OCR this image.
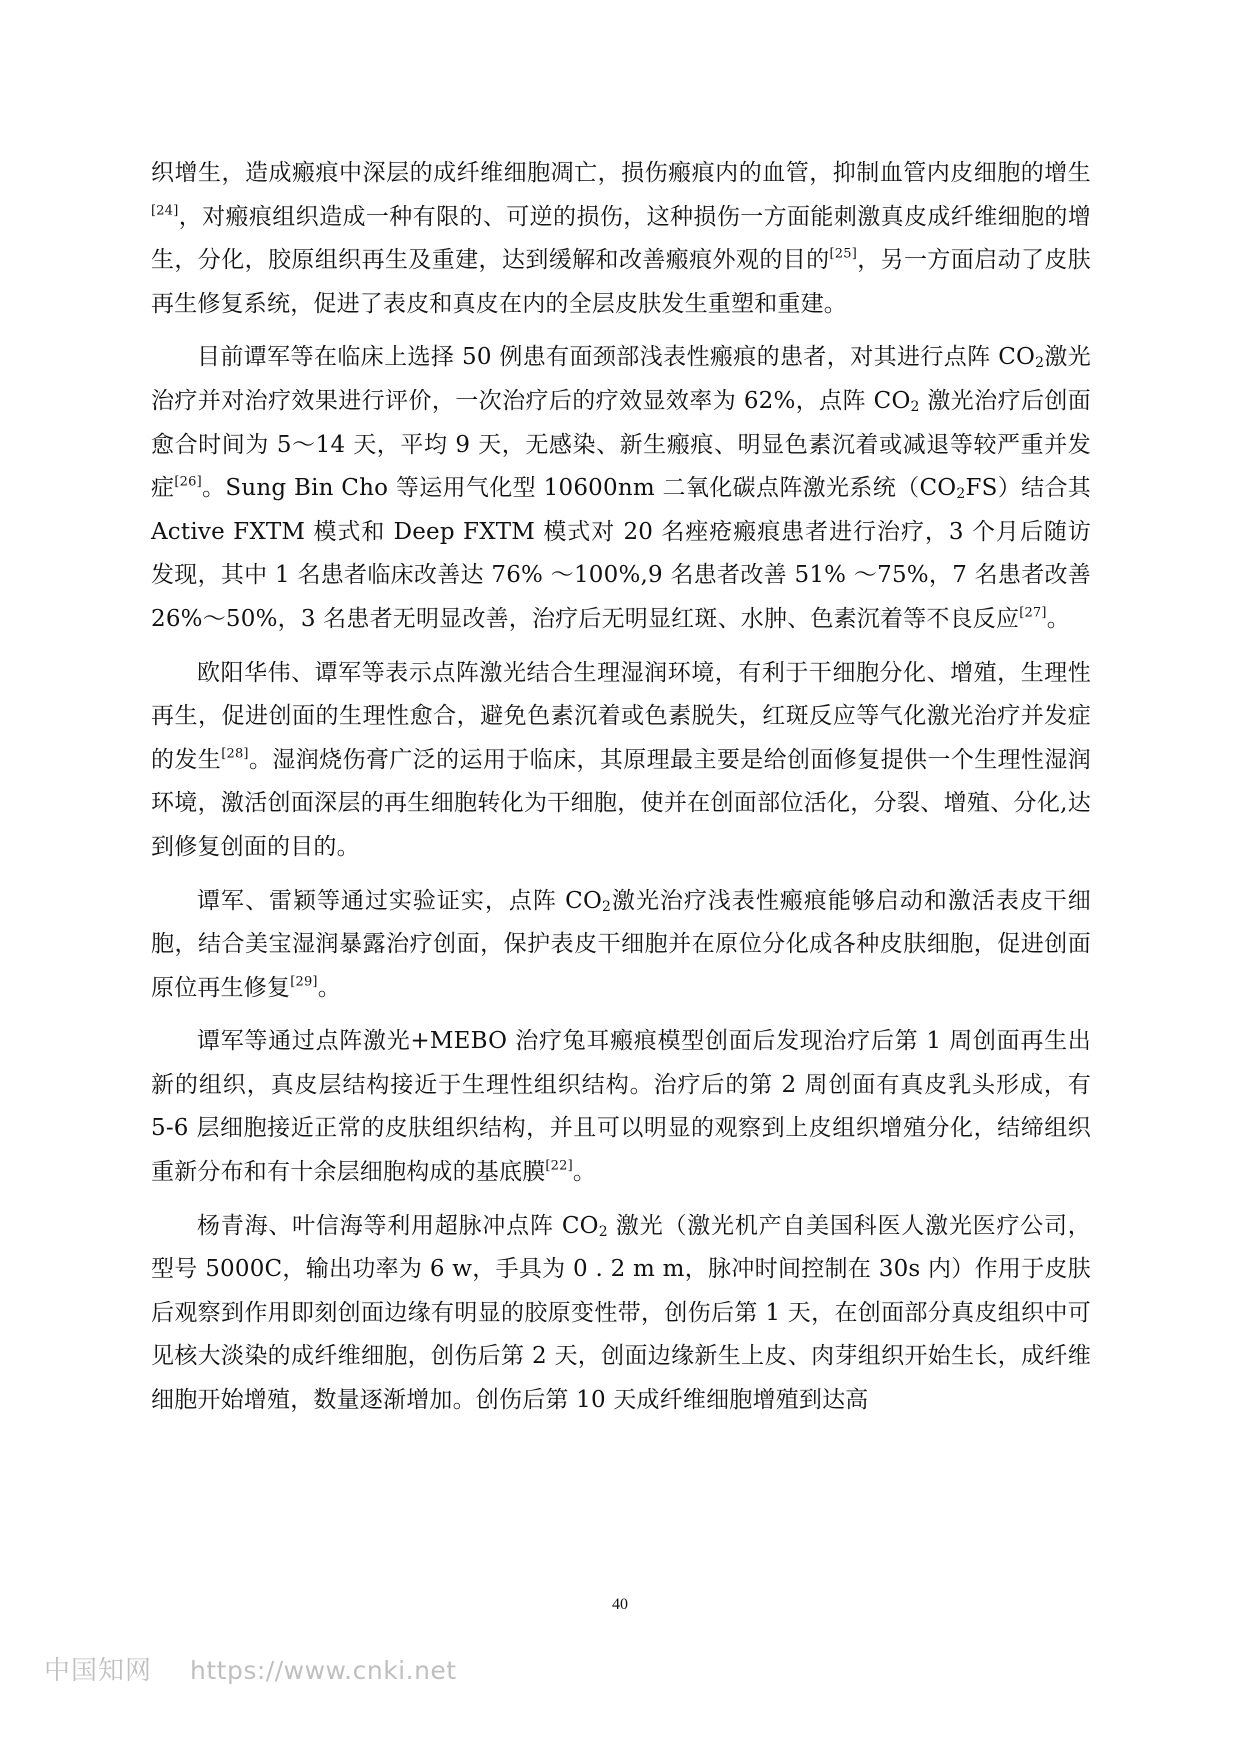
织增生，造成瘢痕中深层的成纤维细胞凋亡，损伤瘢痕内的血管，抑制血管内皮细胞的增生[24]，对瘢痕组织造成一种有限的、可逆的损伤，这种损伤一方面能刺激真皮成纤维细胞的增生，分化，胶原组织再生及重建，达到缓解和改善瘢痕外观的目的[25]，另一方面启动了皮肤再生修复系统，促进了表皮和真皮在内的全层皮肤发生重塑和重建。

目前谭军等在临床上选择 50 例患有面颈部浅表性瘢痕的患者，对其进行点阵 $CO_2$激光治疗并对治疗效果进行评价，一次治疗后的疗效显效率为 62%，点阵 $CO_2$ 激光治疗后创面愈合时间为 5～14 天，平均 9 天，无感染、新生瘢痕、明显色素沉着或减退等较严重并发症[26]。Sung Bin Cho 等运用气化型 10600nm 二氧化碳点阵激光系统$(CO_2FS)$结合其 Active FXTM 模式和 Deep FXTM 模式对 20 名痤疮瘢痕患者进行治疗，3 个月后随访发现，其中 1 名患者临床改善达 76% ～100%,9 名患者改善 51% ～75%，7 名患者改善 26%～50%，3 名患者无明显改善，治疗后无明显红斑、水肿、色素沉着等不良反应[27]。

欧阳华伟、谭军等表示点阵激光结合生理湿润环境，有利于干细胞分化、增殖，生理性再生，促进创面的生理性愈合，避免色素沉着或色素脱失，红斑反应等气化激光治疗并发症的发生[28]。湿润烧伤膏广泛的运用于临床，其原理最主要是给创面修复提供一个生理性湿润环境，激活创面深层的再生细胞转化为干细胞，使并在创面部位活化，分裂、增殖、分化,达到修复创面的目的。

谭军、雷颖等通过实验证实，点阵 $CO_2$激光治疗浅表性瘢痕能够启动和激活表皮干细胞，结合美宝湿润暴露治疗创面，保护表皮干细胞并在原位分化成各种皮肤细胞，促进创面原位再生修复[29]。

谭军等通过点阵激光+MEBO 治疗兔耳瘢痕模型创面后发现治疗后第 1 周创面再生出新的组织，真皮层结构接近于生理性组织结构。治疗后的第 2 周创面有真皮乳头形成，有 5-6 层细胞接近正常的皮肤组织结构，并且可以明显的观察到上皮组织增殖分化，结缔组织重新分布和有十余层细胞构成的基底膜[22]。

杨青海、叶信海等利用超脉冲点阵 $CO_2$ 激光（激光机产自美国科医人激光医疗公司，型号 5000C，输出功率为 6 w，手具为 0 . 2 m m，脉冲时间控制在 30s 内）作用于皮肤后观察到作用即刻创面边缘有明显的胶原变性带，创伤后第 1 天，在创面部分真皮组织中可见核大淡染的成纤维细胞，创伤后第 2 天，创面边缘新生上皮、肉芽组织开始生长，成纤维细胞开始增殖，数量逐渐增加。创伤后第 10 天成纤维细胞增殖到达高

40
中国知网 https://www.cnki.net
